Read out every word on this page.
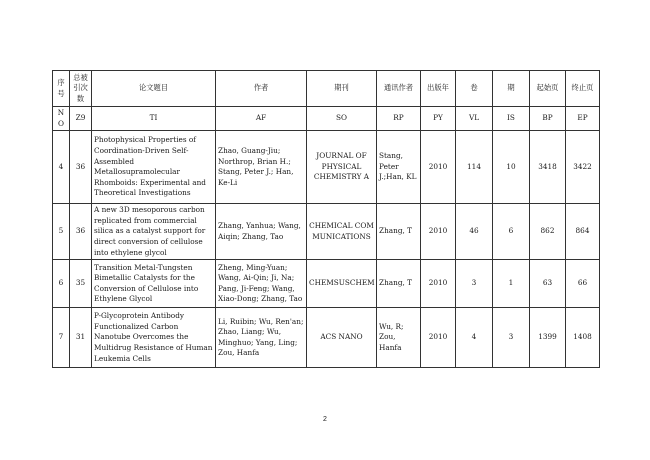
序号	总被引次数	论文题目	作者	期刊	通讯作者	出版年	卷	期	起始页	终止页
NO	Z9	TI	AF	SO	RP	PY	VL	IS	BP	EP
4	36	Photophysical Properties of Coordination-Driven Self-Assembled Metallosupramolecular Rhomboids: Experimental and Theoretical Investigations	Zhao, Guang-Jiu; Northrop, Brian H.; Stang, Peter J.; Han, Ke-Li	JOURNAL OF PHYSICAL CHEMISTRY A	Stang, Peter J.;Han, KL	2010	114	10	3418	3422
5	36	A new 3D mesoporous carbon replicated from commercial silica as a catalyst support for direct conversion of cellulose into ethylene glycol	Zhang, Yanhua; Wang, Aiqin; Zhang, Tao	CHEMICAL COMMUNICATIONS	Zhang, T	2010	46	6	862	864
6	35	Transition Metal-Tungsten Bimetallic Catalysts for the Conversion of Cellulose into Ethylene Glycol	Zheng, Ming-Yuan; Wang, Ai-Qin; Ji, Na; Pang, Ji-Feng; Wang, Xiao-Dong; Zhang, Tao	CHEMSUSCHEM	Zhang, T	2010	3	1	63	66
7	31	P-Glycoprotein Antibody Functionalized Carbon Nanotube Overcomes the Multidrug Resistance of Human Leukemia Cells	Li, Ruibin; Wu, Ren'an; Zhao, Liang; Wu, Minghuo; Yang, Ling; Zou, Hanfa	ACS NANO	Wu, R; Zou, Hanfa	2010	4	3	1399	1408
2
